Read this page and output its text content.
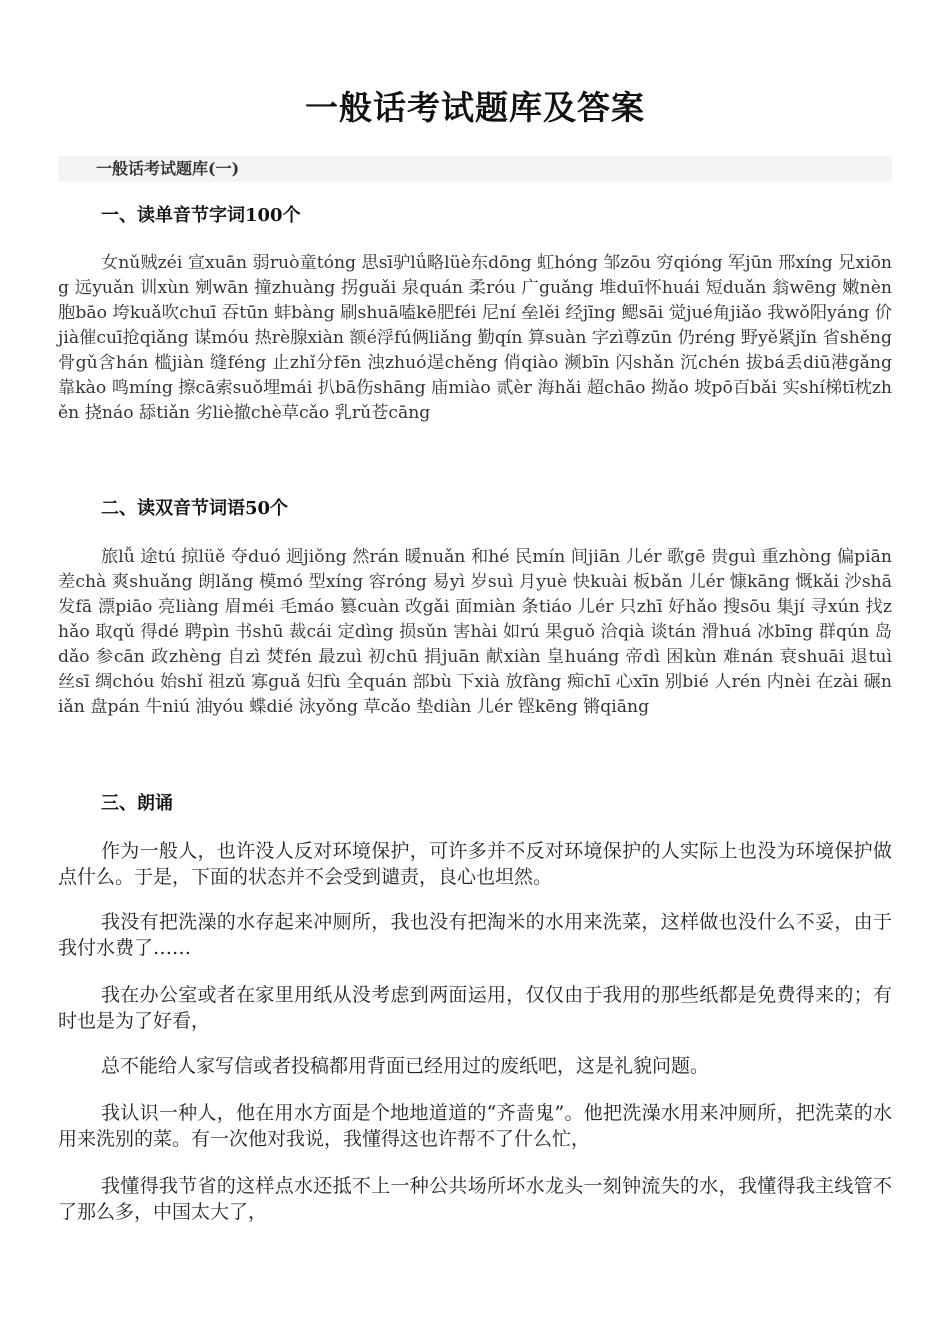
一般话考试题库及答案
一般话考试题库(一)
一、读单音节字词100个

女nǔ贼zéi 宣xuān 弱ruò童tóng 思sī驴lǘ略lüè东dōng 虹hóng 邹zōu 穷qióng 军jūn 邢xíng 兄xiōng 远yuǎn 训xùn 剜wān 撞zhuàng 拐guǎi 泉quán 柔róu 广guǎng 堆duī怀huái 短duǎn 翁wēng 嫩nèn 胞bāo 垮kuǎ吹chuī 吞tūn 蚌bàng 刷shuā嗑kē肥féi 尼ní 垒lěi 经jīng 鳃sāi 觉jué角jiǎo 我wǒ阳yáng 价jià催cuī抢qiǎng 谋móu 热rè腺xiàn 额é浮fú俩liǎng 勤qín 算suàn 字zì尊zūn 仍réng 野yě紧jǐn 省shěng 骨gǔ含hán 槛jiàn 缝féng 止zhǐ分fēn 浊zhuó逞chěng 俏qiào 濒bīn 闪shǎn 沉chén 拔bá丢diū港gǎng 靠kào 鸣míng 擦cā索suǒ埋mái 扒bā伤shāng 庙miào 贰èr 海hǎi 超chāo 拗ǎo 坡pō百bǎi 实shí梯tī枕zhěn 挠náo 舔tiǎn 劣liè撤chè草cǎo 乳rǔ苍cāng

二、读双音节词语50个

旅lǚ 途tú 掠lüě 夺duó 迥jiǒng 然rán 暖nuǎn 和hé 民mín 间jiān 儿ér 歌gē 贵guì 重zhòng 偏piān 差chà 爽shuǎng 朗lǎng 模mó 型xíng 容róng 易yì 岁suì 月yuè 快kuài 板bǎn 儿ér 慷kāng 慨kǎi 沙shā 发fā 漂piāo 亮liàng 眉méi 毛máo 篡cuàn 改gǎi 面miàn 条tiáo 儿ér 只zhī 好hǎo 搜sōu 集jí 寻xún 找zhǎo 取qǔ 得dé 聘pìn 书shū 裁cái 定dìng 损sǔn 害hài 如rú 果guǒ 洽qià 谈tán 滑huá 冰bīng 群qún 岛dǎo 参cān 政zhèng 自zì 焚fén 最zuì 初chū 捐juān 献xiàn 皇huáng 帝dì 困kùn 难nán 衰shuāi 退tuì 丝sī 绸chóu 始shǐ 祖zǔ 寡guǎ 妇fù 全quán 部bù 下xià 放fàng 痴chī 心xīn 别bié 人rén 内nèi 在zài 碾niǎn 盘pán 牛niú 油yóu 蝶dié 泳yǒng 草cǎo 垫diàn 儿ér 铿kēng 锵qiāng

三、朗诵

作为一般人，也许没人反对环境保护，可许多并不反对环境保护的人实际上也没为环境保护做点什么。于是，下面的状态并不会受到谴责，良心也坦然。

我没有把洗澡的水存起来冲厕所，我也没有把淘米的水用来洗菜，这样做也没什么不妥，由于我付水费了……

我在办公室或者在家里用纸从没考虑到两面运用，仅仅由于我用的那些纸都是免费得来的；有时也是为了好看，

总不能给人家写信或者投稿都用背面已经用过的废纸吧，这是礼貌问题。

我认识一种人，他在用水方面是个地地道道的“齐啬鬼”。他把洗澡水用来冲厕所，把洗菜的水用来洗别的菜。有一次他对我说，我懂得这也许帮不了什么忙，

我懂得我节省的这样点水还抵不上一种公共场所坏水龙头一刻钟流失的水，我懂得我主线管不了那么多，中国太大了，
